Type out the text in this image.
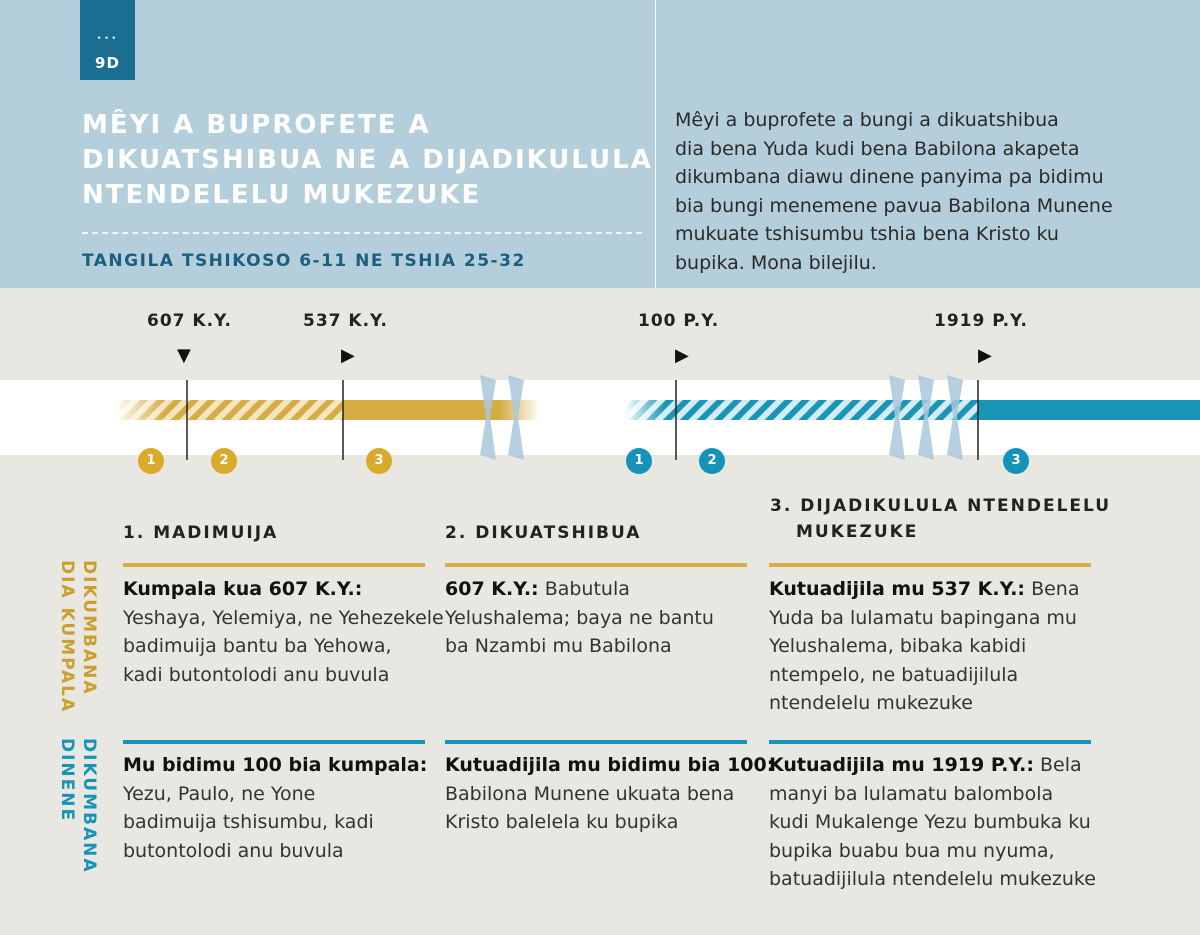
•••
9D
MÊYI A BUPROFETE A
DIKUATSHIBUA NE A DIJADIKULULA
NTENDELELU MUKEZUKE
TANGILA TSHIKOSO 6-11 NE TSHIA 25-32

Mêyi a buprofete a bungi a dikuatshibua
dia bena Yuda kudi bena Babilona akapeta
dikumbana diawu dinene panyima pa bidimu
bia bungi menemene pavua Babilona Munene
mukuate tshisumbu tshia bena Kristo ku
bupika. Mona bilejilu.

607 K.Y.	537 K.Y.	100 P.Y.	1919 P.Y.
▼	▶	▶	▶
1	2	3	1	2	3
1. MADIMUIJA	2. DIKUATSHIBUA
3. DIJADIKULULA NTENDELELU
MUKEZUKE
DIKUMBANA
DIA KUMPALA
DIKUMBANA
DINENE

Kumpala kua 607 K.Y.:
Yeshaya, Yelemiya, ne Yehezekele
badimuija bantu ba Yehowa,
kadi butontolodi anu buvula

607 K.Y.: Babutula
Yelushalema; baya ne bantu
ba Nzambi mu Babilona

Kutuadijila mu 537 K.Y.: Bena
Yuda ba lulamatu bapingana mu
Yelushalema, bibaka kabidi
ntempelo, ne batuadijilula
ntendelelu mukezuke

Mu bidimu 100 bia kumpala:
Yezu, Paulo, ne Yone
badimuija tshisumbu, kadi
butontolodi anu buvula

Kutuadijila mu bidimu bia 100:
Babilona Munene ukuata bena
Kristo balelela ku bupika

Kutuadijila mu 1919 P.Y.: Bela
manyi ba lulamatu balombola
kudi Mukalenge Yezu bumbuka ku
bupika buabu bua mu nyuma,
batuadijilula ntendelelu mukezuke
